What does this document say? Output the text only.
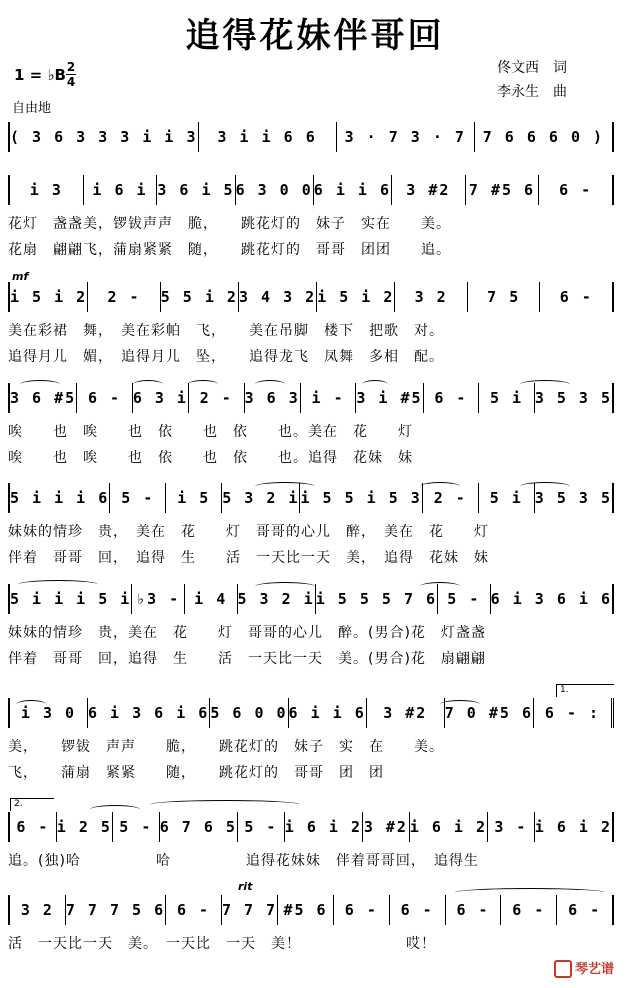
追得花妹伴哥回
佟文西　词
李永生　曲
1 = ♭B 2
4
自由地
( 3 6 3 3 3 i i 3	3 i i 6 6	3 · 7 3 · 7	7 6 6 6 0 )
i 3	i 6 i 3 6 i 5 6 3 0 0 6 i i 6	3 #2	7 #5 6	6 -
花灯　盏盏美，锣钹声声　脆，　　跳花灯的　妹子　实在　　美。
花扇　翩翩飞，蒲扇紧紧　随，　　跳花灯的　哥哥　团团　　追。
i 5 i 2	2 -	5 5 i 2 3 4 3 2 i 5 i 2	3 2	7 5	6 -
美在彩裙　舞，　美在彩帕　飞，　　美在吊脚　楼下　把歌　对。
追得月儿　媚，　追得月儿　坠，　　追得龙飞　凤舞　多相　配。
3 6 #5 6 - 6 3 i 2 - 3 6 3 i - 3 i #5 6 -	5 i 3 5 3 5
唉　　也　唉　　也　依　　也　依　　也。美在　花　　灯
唉　　也　唉　　也　依　　也　依　　也。追得　花妹　妹
5 i i i 6 5 -	i 5 5 3 2 i i 5 5 i 5 3 2 -	5 i 3 5 3 5
妹妹的情珍　贵，　美在　花　　灯　哥哥的心儿　醉，　美在　花　　灯
伴着　哥哥　回，　追得　生　　活　一天比一天　美，　追得　花妹　妹
5 i i i 5 i ♭3 - i 4 5 3 2 i i 5 5 5 7 6 5 - 6 i 3 6 i 6
妹妹的情珍　贵，美在　花　　灯　哥哥的心儿　醉。(男合)花　灯盏盏
伴着　哥哥　回，追得　生　　活　一天比一天　美。(男合)花　扇翩翩
i 3 0 6 i 3 6 i 6 5 6 0 0 6 i i 6	3 #2	7 0 #5 6 6 - :
美，　　锣钹　声声　　脆，　　跳花灯的　妹子　实　在　　美。
飞，　　蒲扇　紧紧　　随，　　跳花灯的　哥哥　团　团
6 - i 2 5 5 - 6 7 6 5 5 - i 6 i 2 3 #2 i 6 i 2 3 - i 6 i 2
追。(独)哈　　　　　哈　　　　　追得花妹妹　伴着哥哥回，　追得生
3 2 7 7 7 5 6 6 - 7 7 7 #5 6	6 -	6 -	6 -	6 -	6 -
活　一天比一天　美。　一天比　一天　美！　　　　　　　哎！
mf
rit
1.
2.
琴艺谱
